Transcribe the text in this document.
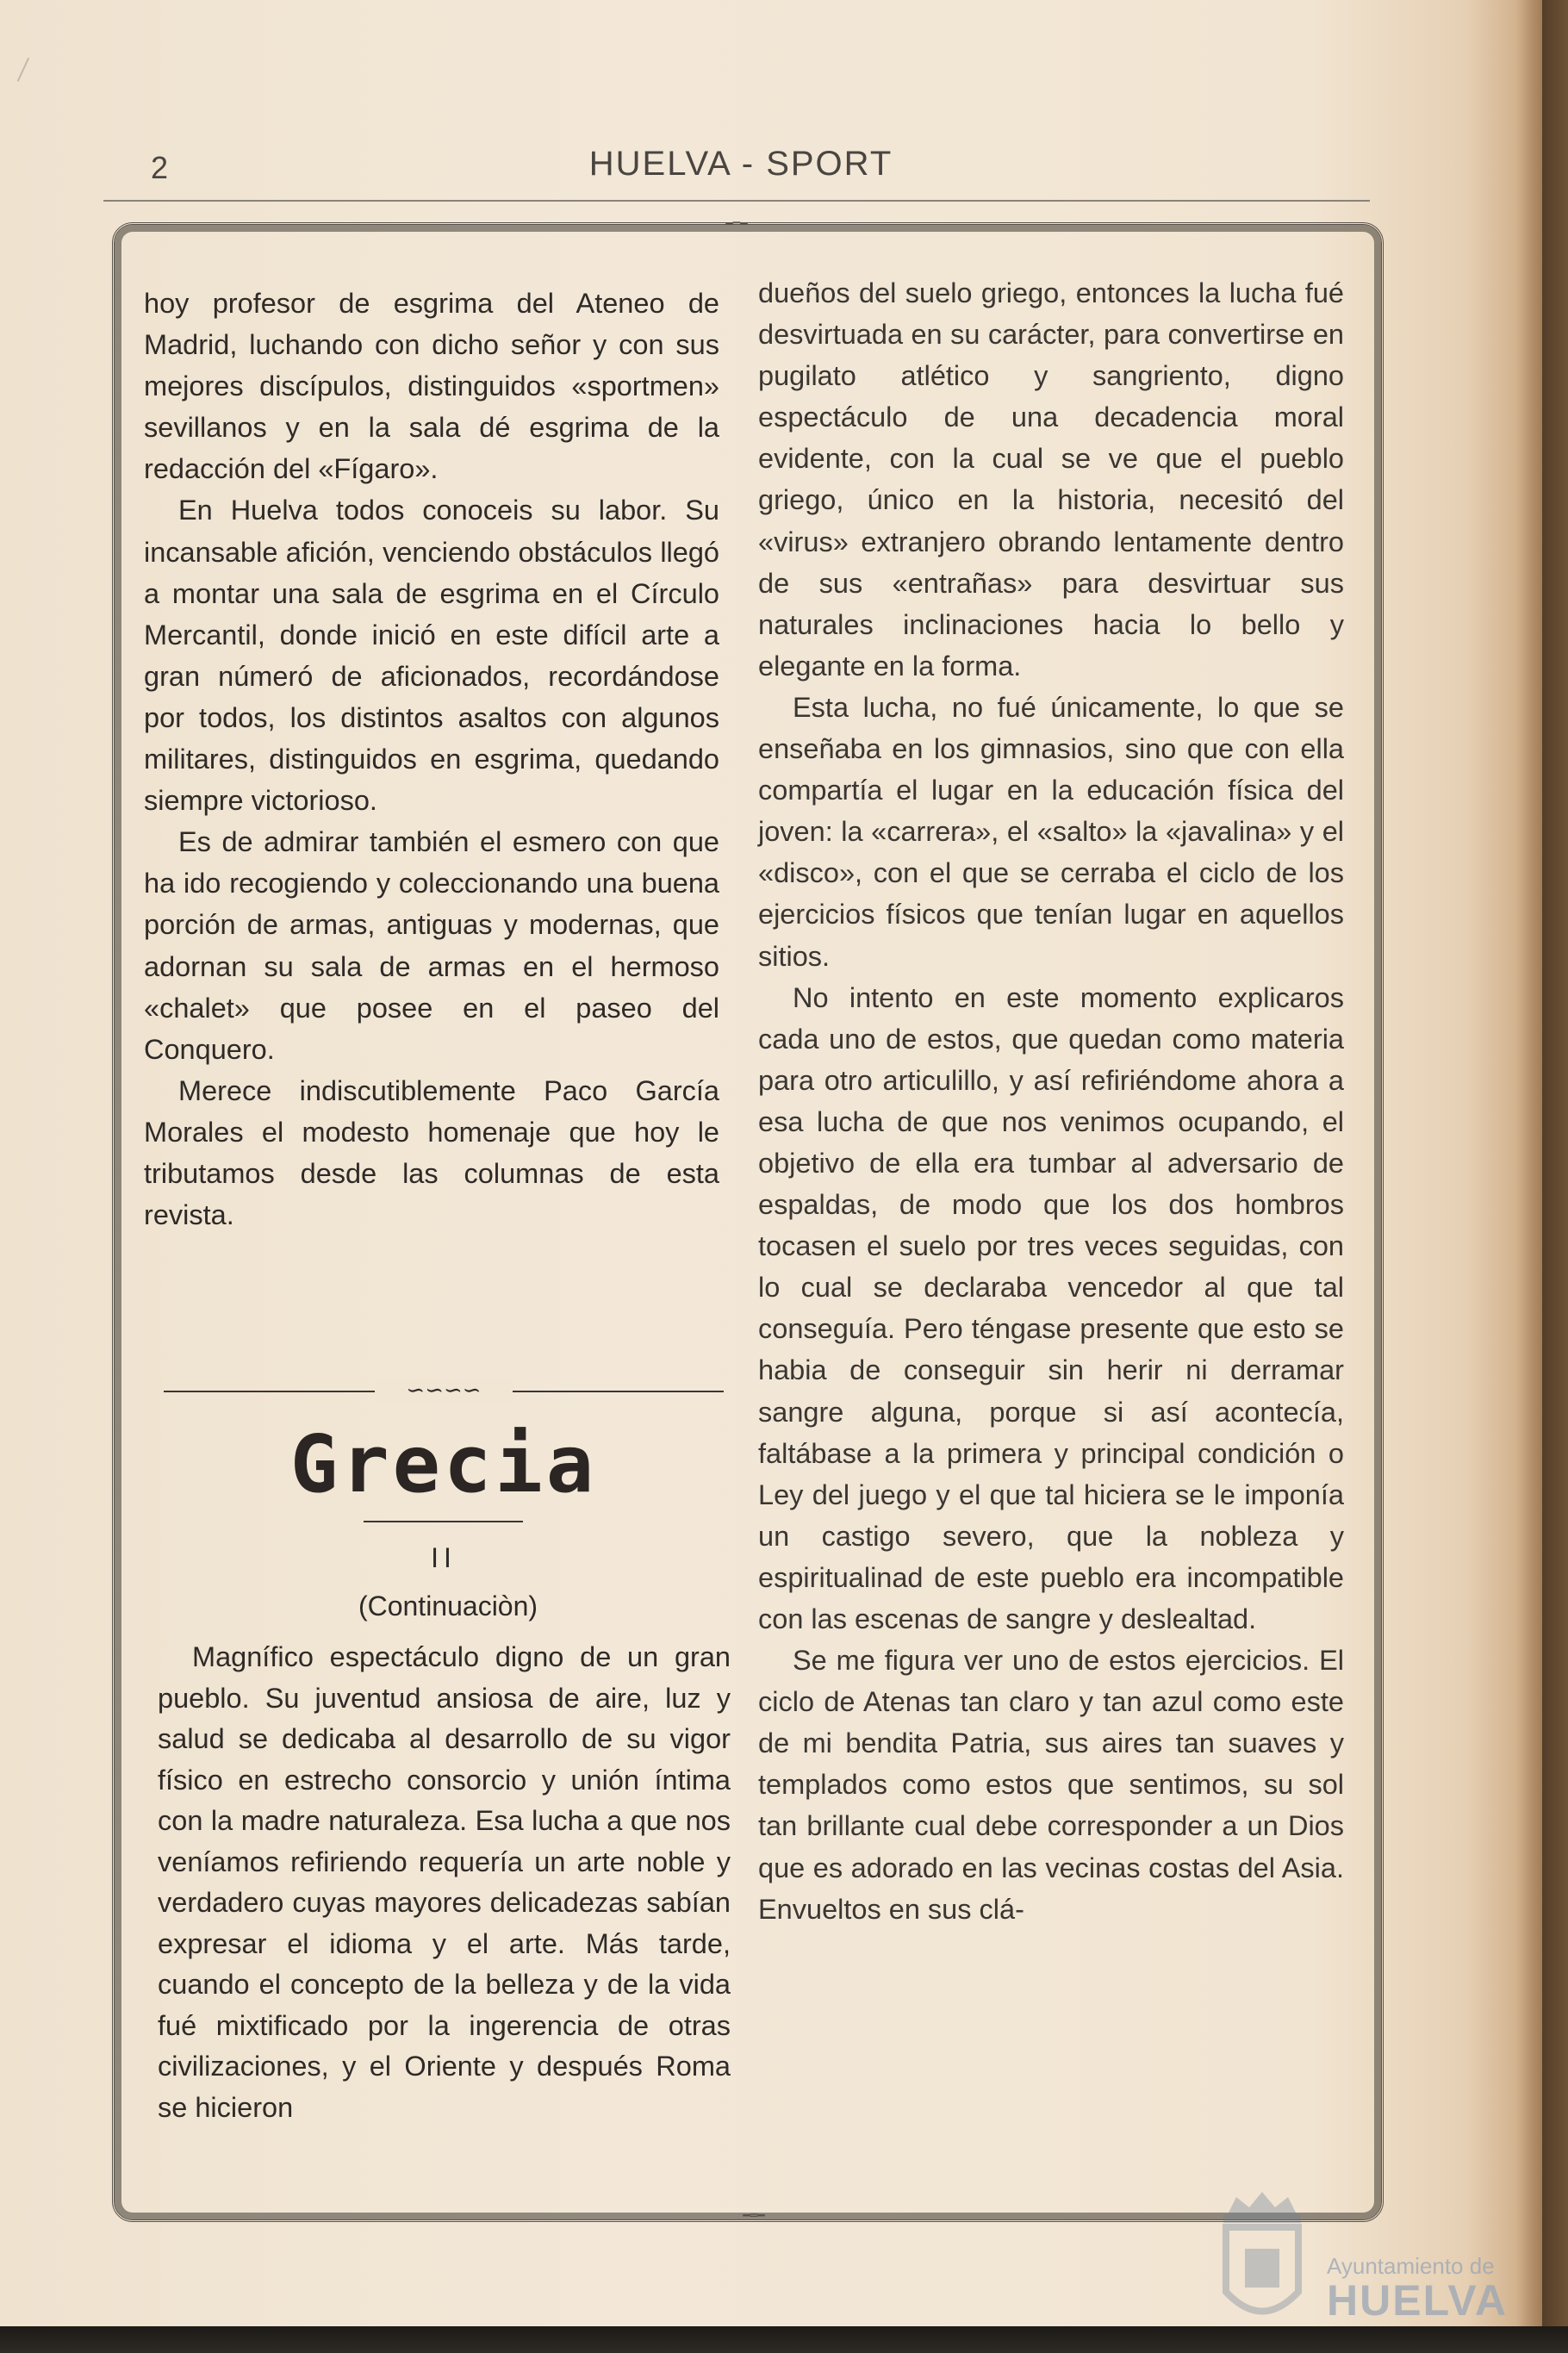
2	HUELVA - SPORT
━═━
━═━

hoy profesor de esgrima del Ateneo de Madrid, luchando con dicho señor y con sus mejores discípulos, distinguidos «sportmen» sevillanos y en la sala dé esgrima de la redacción del «Fígaro».

En Huelva todos conoceis su labor. Su incansable afición, venciendo obstáculos llegó a montar una sala de esgrima en el Círculo Mercantil, donde inició en este difícil arte a gran númeró de aficionados, recordándose por todos, los distintos asaltos con algunos militares, distinguidos en esgrima, quedando siempre victorioso.

Es de admirar también el esmero con que ha ido recogiendo y coleccionando una buena porción de armas, antiguas y modernas, que adornan su sala de armas en el hermoso «chalet» que posee en el paseo del Conquero.

Merece indiscutiblemente Paco García Morales el modesto homenaje que hoy le tributamos desde las columnas de esta revista.

∽∽∽∽
Grecia
II
(Continuaciòn)

Magnífico espectáculo digno de un gran pueblo. Su juventud ansiosa de aire, luz y salud se dedicaba al desarrollo de su vigor físico en estrecho consorcio y unión íntima con la madre naturaleza. Esa lucha a que nos veníamos refiriendo requería un arte noble y verdadero cuyas mayores delicadezas sabían expresar el idioma y el arte. Más tarde, cuando el concepto de la belleza y de la vida fué mixtificado por la ingerencia de otras civilizaciones, y el Oriente y después Roma se hicieron

dueños del suelo griego, entonces la lucha fué desvirtuada en su carácter, para convertirse en pugilato atlético y sangriento, digno espectáculo de una decadencia moral evidente, con la cual se ve que el pueblo griego, único en la historia, necesitó del «virus» extranjero obrando lentamente dentro de sus «entrañas» para desvirtuar sus naturales inclinaciones hacia lo bello y elegante en la forma.

Esta lucha, no fué únicamente, lo que se enseñaba en los gimnasios, sino que con ella compartía el lugar en la educación física del joven: la «carrera», el «salto» la «javalina» y el «disco», con el que se cerraba el ciclo de los ejercicios físicos que tenían lugar en aquellos sitios.

No intento en este momento explicaros cada uno de estos, que quedan como materia para otro articulillo, y así refiriéndome ahora a esa lucha de que nos venimos ocupando, el objetivo de ella era tumbar al adversario de espaldas, de modo que los dos hombros tocasen el suelo por tres veces seguidas, con lo cual se declaraba vencedor al que tal conseguía. Pero téngase presente que esto se habia de conseguir sin herir ni derramar sangre alguna, porque si así acontecía, faltábase a la primera y principal condición o Ley del juego y el que tal hiciera se le imponía un castigo severo, que la nobleza y espiritualinad de este pueblo era incompatible con las escenas de sangre y deslealtad.

Se me figura ver uno de estos ejercicios. El ciclo de Atenas tan claro y tan azul como este de mi bendita Patria, sus aires tan suaves y templados como estos que sentimos, su sol tan brillante cual debe corresponder a un Dios que es adorado en las vecinas costas del Asia. Envueltos en sus clá-

Ayuntamiento de
HUELVA
